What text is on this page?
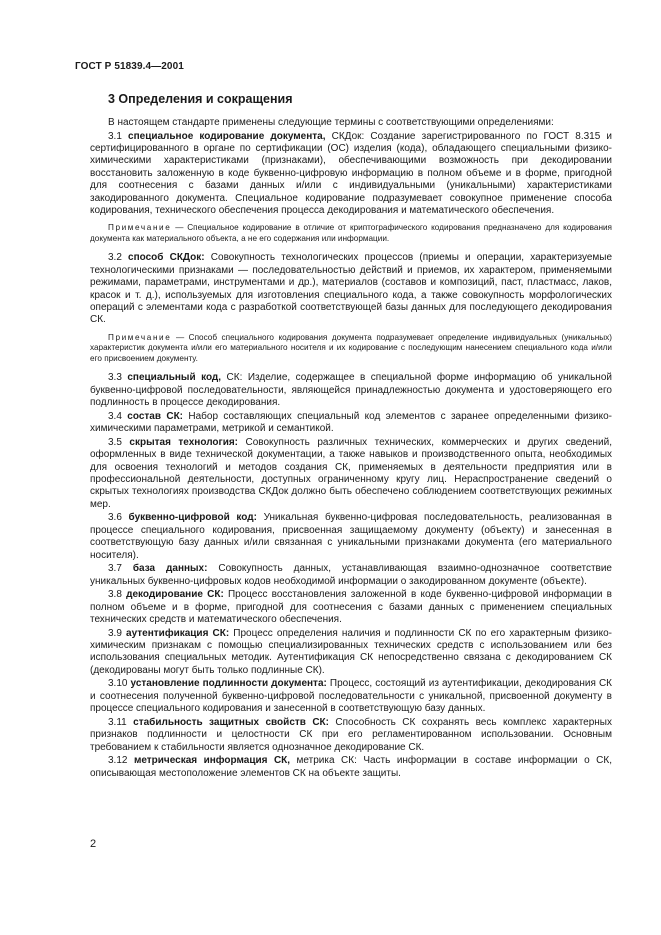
ГОСТ Р 51839.4—2001
3 Определения и сокращения

В настоящем стандарте применены следующие термины с соответствующими определениями:

3.1 специальное кодирование документа, СКДок: Создание зарегистрированного по ГОСТ 8.315 и сертифицированного в органе по сертификации (ОС) изделия (кода), обладающего специальными физико-химическими характеристиками (признаками), обеспечивающими возможность при декодировании восстановить заложенную в коде буквенно-цифровую информацию в полном объеме и в форме, пригодной для соотнесения с базами данных и/или с индивидуальными (уникальными) характеристиками закодированного документа. Специальное кодирование подразумевает совокупное применение способа кодирования, технического обеспечения процесса декодирования и математического обеспечения.

Примечание — Специальное кодирование в отличие от криптографического кодирования предназначено для кодирования документа как материального объекта, а не его содержания или информации.

3.2 способ СКДок: Совокупность технологических процессов (приемы и операции, характеризуемые технологическими признаками — последовательностью действий и приемов, их характером, применяемыми режимами, параметрами, инструментами и др.), материалов (составов и композиций, паст, пластмасс, лаков, красок и т. д.), используемых для изготовления специального кода, а также совокупность морфологических операций с элементами кода с разработкой соответствующей базы данных для последующего декодирования СК.

Примечание — Способ специального кодирования документа подразумевает определение индивидуальных (уникальных) характеристик документа и/или его материального носителя и их кодирование с последующим нанесением специального кода и/или его присвоением документу.

3.3 специальный код, СК: Изделие, содержащее в специальной форме информацию об уникальной буквенно-цифровой последовательности, являющейся принадлежностью документа и удостоверяющего его подлинность в процессе декодирования.

3.4 состав СК: Набор составляющих специальный код элементов с заранее определенными физико-химическими параметрами, метрикой и семантикой.

3.5 скрытая технология: Совокупность различных технических, коммерческих и других сведений, оформленных в виде технической документации, а также навыков и производственного опыта, необходимых для освоения технологий и методов создания СК, применяемых в деятельности предприятия или в профессиональной деятельности, доступных ограниченному кругу лиц. Нераспространение сведений о скрытых технологиях производства СКДок должно быть обеспечено соблюдением соответствующих режимных мер.

3.6 буквенно-цифровой код: Уникальная буквенно-цифровая последовательность, реализованная в процессе специального кодирования, присвоенная защищаемому документу (объекту) и занесенная в соответствующую базу данных и/или связанная с уникальными признаками документа (его материального носителя).

3.7 база данных: Совокупность данных, устанавливающая взаимно-однозначное соответствие уникальных буквенно-цифровых кодов необходимой информации о закодированном документе (объекте).

3.8 декодирование СК: Процесс восстановления заложенной в коде буквенно-цифровой информации в полном объеме и в форме, пригодной для соотнесения с базами данных с применением специальных технических средств и математического обеспечения.

3.9 аутентификация СК: Процесс определения наличия и подлинности СК по его характерным физико-химическим признакам с помощью специализированных технических средств с использованием или без использования специальных методик. Аутентификация СК непосредственно связана с декодированием СК (декодированы могут быть только подлинные СК).

3.10 установление подлинности документа: Процесс, состоящий из аутентификации, декодирования СК и соотнесения полученной буквенно-цифровой последовательности с уникальной, присвоенной документу в процессе специального кодирования и занесенной в соответствующую базу данных.

3.11 стабильность защитных свойств СК: Способность СК сохранять весь комплекс характерных признаков подлинности и целостности СК при его регламентированном использовании. Основным требованием к стабильности является однозначное декодирование СК.

3.12 метрическая информация СК, метрика СК: Часть информации в составе информации о СК, описывающая местоположение элементов СК на объекте защиты.

2
